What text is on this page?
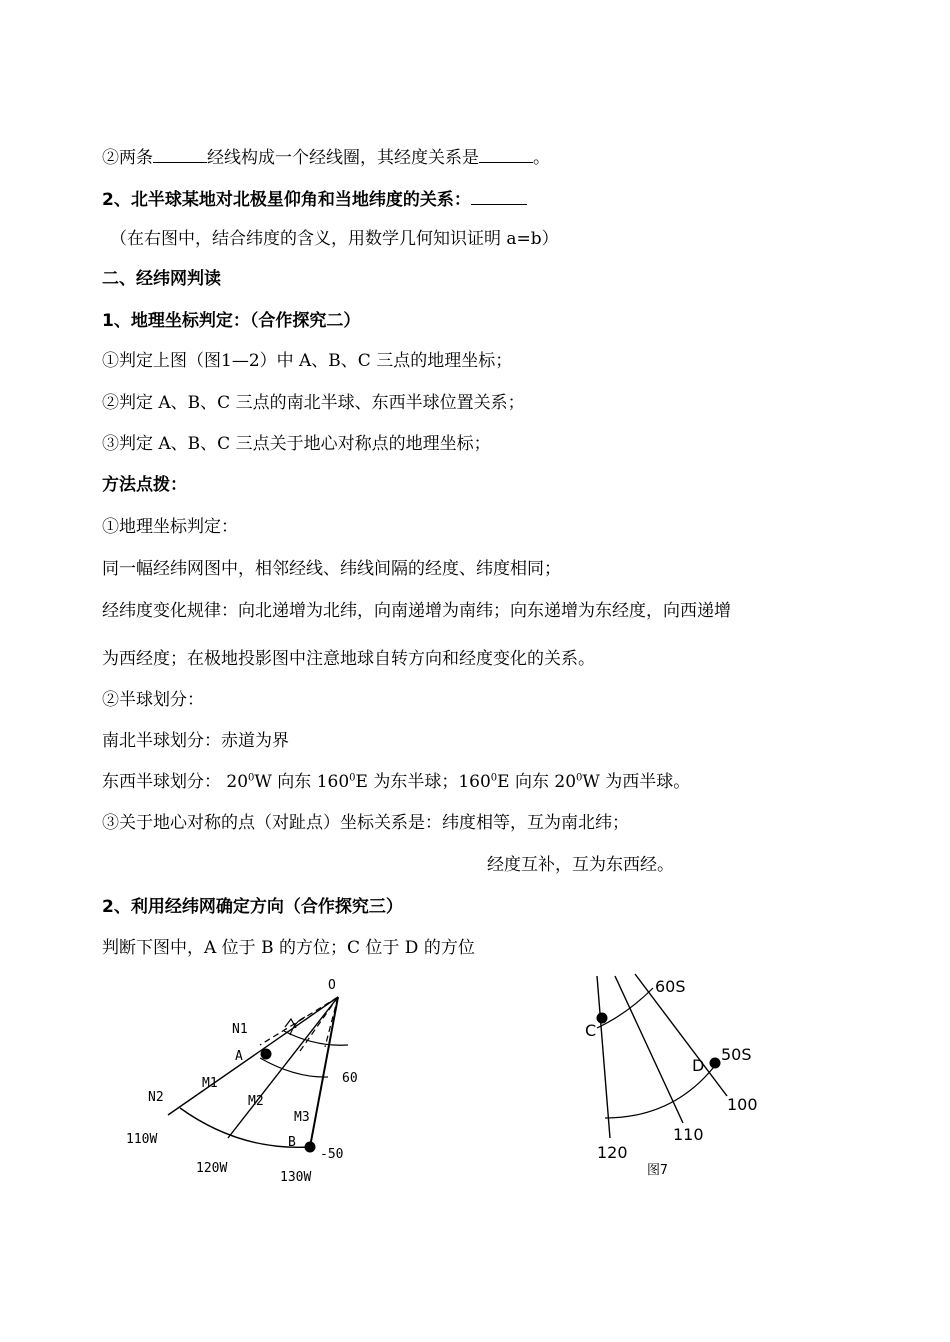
②两条	经线构成一个经线圈，其经度关系是	。
2、北半球某地对北极星仰角和当地纬度的关系：
（在右图中，结合纬度的含义，用数学几何知识证明 a=b）
二、经纬网判读
1、地理坐标判定：（合作探究二）
①判定上图（图1—2）中 A、B、C 三点的地理坐标；
②判定 A、B、C 三点的南北半球、东西半球位置关系；
③判定 A、B、C 三点关于地心对称点的地理坐标；
方法点拨：
①地理坐标判定：
同一幅经纬网图中，相邻经线、纬线间隔的经度、纬度相同；
经纬度变化规律：向北递增为北纬，向南递增为南纬；向东递增为东经度，向西递增
为西经度；在极地投影图中注意地球自转方向和经度变化的关系。
②半球划分：
南北半球划分：赤道为界
东西半球划分： $20^0W$ 向东 $160^0E$ 为东半球；$160^0E$ 向东 $20^0W$ 为西半球。
③关于地心对称的点（对趾点）坐标关系是：纬度相等，互为南北纬；
经度互补，互为东西经。
2、利用经纬网确定方向（合作探究三）
判断下图中，A 位于 B 的方位；C 位于 D 的方位
O
N1
A
M1
N2	M2
M3
B
60
-50
110W
120W
130W
60S
50S
C
D
100
110
120
图7
